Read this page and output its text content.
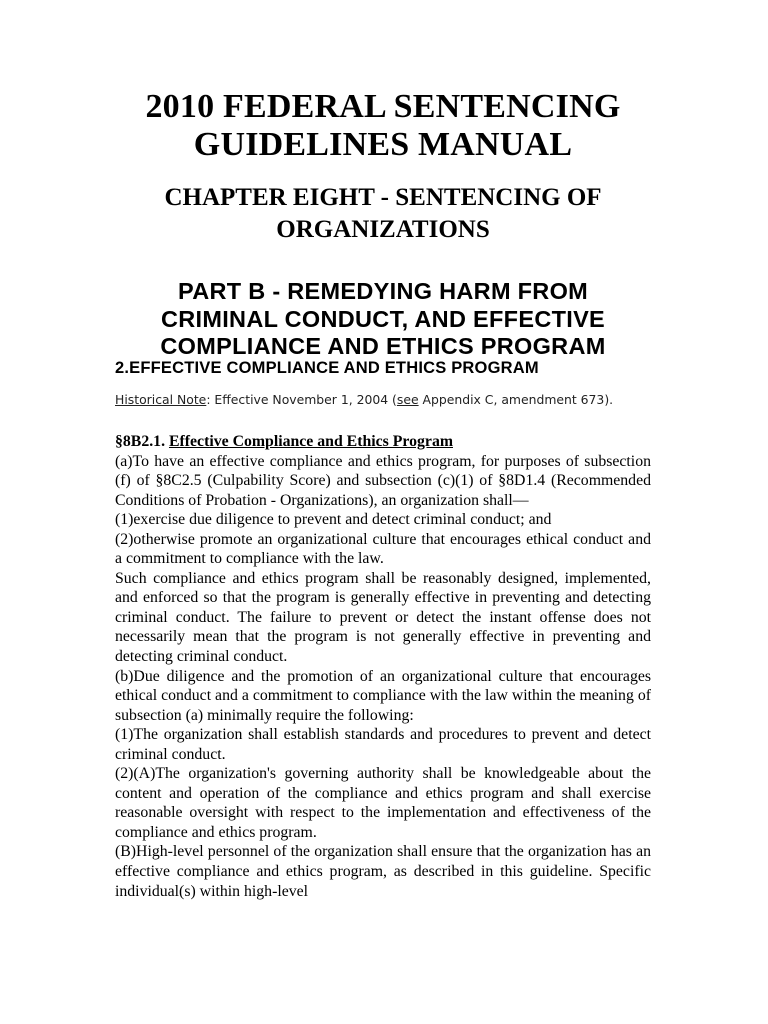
2010 FEDERAL SENTENCING
GUIDELINES MANUAL
CHAPTER EIGHT - SENTENCING OF
ORGANIZATIONS
PART B - REMEDYING HARM FROM
CRIMINAL CONDUCT, AND EFFECTIVE
COMPLIANCE AND ETHICS PROGRAM
2.EFFECTIVE COMPLIANCE AND ETHICS PROGRAM
Historical Note: Effective November 1, 2004 (see Appendix C, amendment 673).

§8B2.1. Effective Compliance and Ethics Program

(a)To have an effective compliance and ethics program, for purposes of subsection (f) of §8C2.5 (Culpability Score) and subsection (c)(1) of §8D1.4 (Recommended Conditions of Probation - Organizations), an organization shall—

(1)exercise due diligence to prevent and detect criminal conduct; and

(2)otherwise promote an organizational culture that encourages ethical conduct and a commitment to compliance with the law.

Such compliance and ethics program shall be reasonably designed, implemented, and enforced so that the program is generally effective in preventing and detecting criminal conduct. The failure to prevent or detect the instant offense does not necessarily mean that the program is not generally effective in preventing and detecting criminal conduct.

(b)Due diligence and the promotion of an organizational culture that encourages ethical conduct and a commitment to compliance with the law within the meaning of subsection (a) minimally require the following:

(1)The organization shall establish standards and procedures to prevent and detect criminal conduct.

(2)(A)The organization's governing authority shall be knowledgeable about the content and operation of the compliance and ethics program and shall exercise reasonable oversight with respect to the implementation and effectiveness of the compliance and ethics program.

(B)High-level personnel of the organization shall ensure that the organization has an effective compliance and ethics program, as described in this guideline. Specific individual(s) within high-level
